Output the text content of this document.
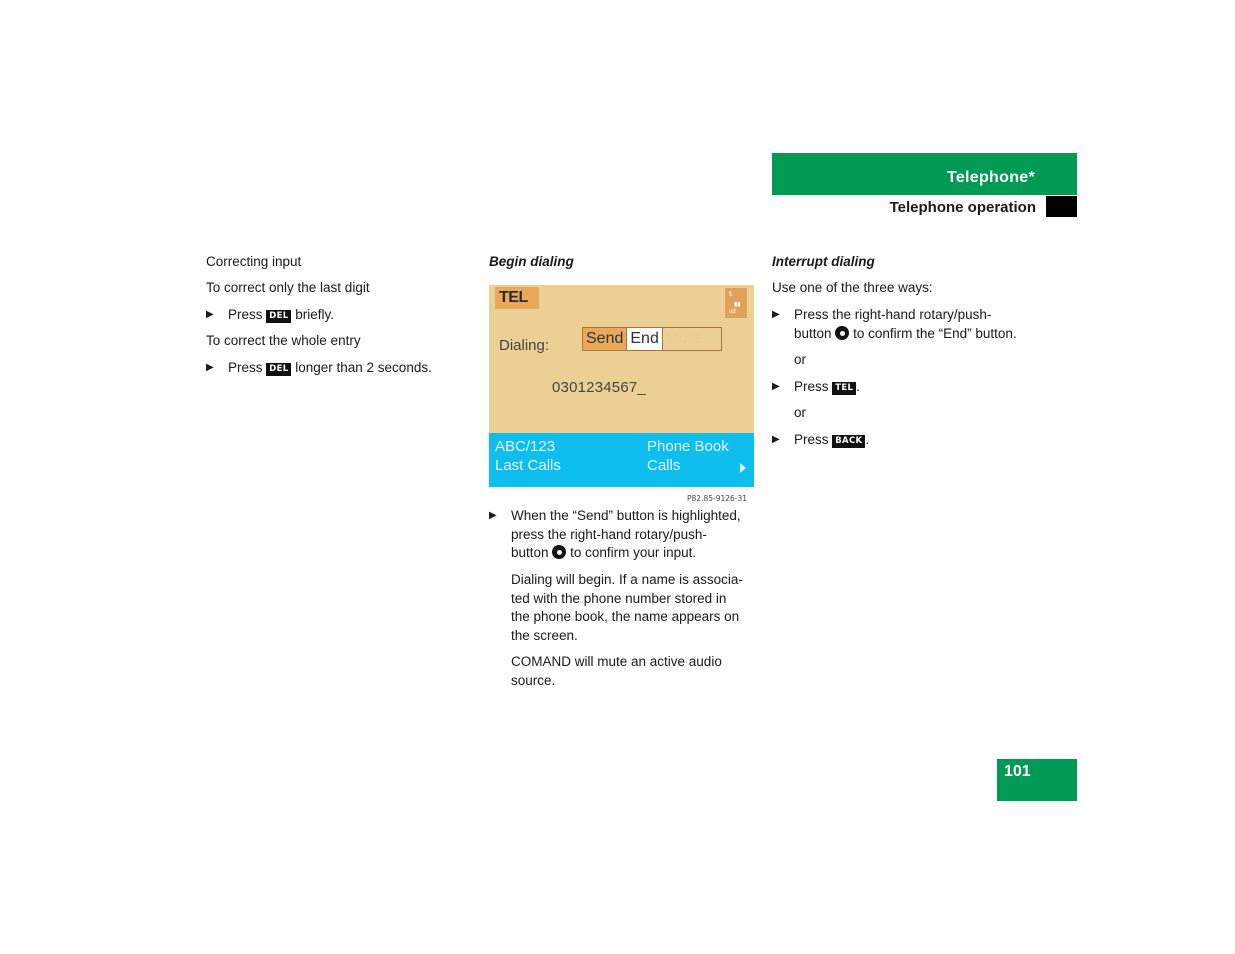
Telephone*
Telephone operation
Correcting input
To correct only the last digit
▶ Press DEL briefly.
To correct the whole entry
▶ Press DEL longer than 2 seconds.
Begin dialing
TEL	5
▮▮
ud
Dialing: Send End Mute
0301234567_
ABC/123
Last Calls
Phone Book
Calls
P82.85-9126-31
▶ When the “Send” button is highlighted,
press the right-hand rotary/push-
button to confirm your input.
Dialing will begin. If a name is associa-
ted with the phone number stored in
the phone book, the name appears on
the screen.
COMAND will mute an active audio
source.
Interrupt dialing
Use one of the three ways:
▶ Press the right-hand rotary/push-
button to confirm the “End” button.
or
▶ Press TEL .
or
▶ Press BACK .
101
